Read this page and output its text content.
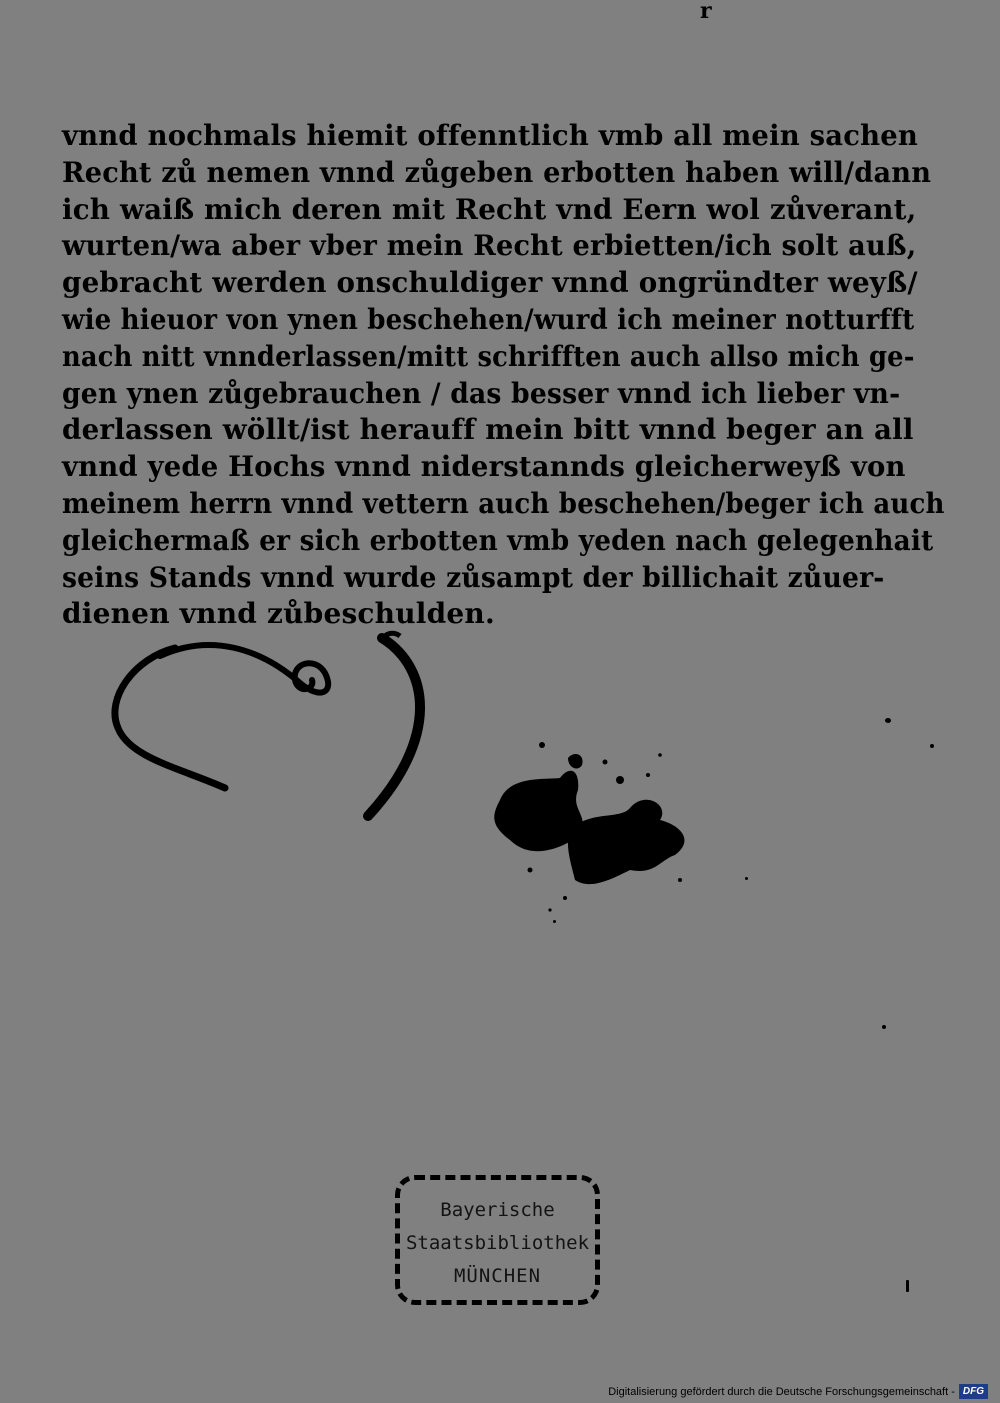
r
vnnd nochmals hiemit offenntlich vmb all mein sachen
Recht zů nemen vnnd zůgeben erbotten haben will/dann
ich waiß mich deren mit Recht vnd Eern wol zůverant,
wurten/wa aber vber mein Recht erbietten/ich solt auß,
gebracht werden onschuldiger vnnd ongründter weyß/
wie hieuor von ynen beschehen/wurd ich meiner notturfft
nach nitt vnnderlassen/mitt schrifften auch allso mich ge-
gen ynen zůgebrauchen / das besser vnnd ich lieber vn-
derlassen wöllt/ist herauff mein bitt vnnd beger an all
vnnd yede Hochs vnnd niderstannds gleicherweyß von
meinem herrn vnnd vettern auch beschehen/beger ich auch
gleichermaß er sich erbotten vmb yeden nach gelegenhait
seins Stands vnnd wurde zůsampt der billichait zůuer-
dienen vnnd zůbeschulden.
Bayerische
Staatsbibliothek
MÜNCHEN
Digitalisierung gefördert durch die Deutsche Forschungsgemeinschaft - DFG
